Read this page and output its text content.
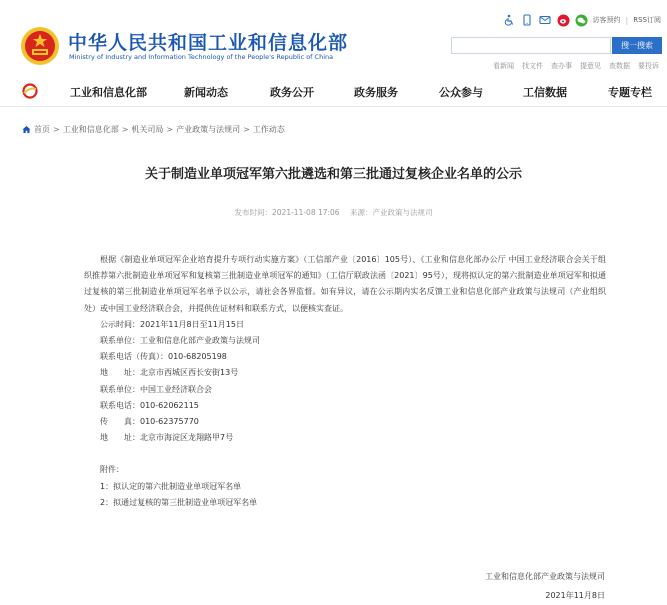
中华人民共和国工业和信息化部
Ministry of Industry and Information Technology of the People's Republic of China
访客预约 | RSS订阅
搜一搜索
看新闻 找文件 查办事 提意见 查数据 要投诉
工业和信息化部	新闻动态	政务公开	政务服务	公众参与	工信数据	专题专栏
首页 > 工业和信息化部 > 机关司局 > 产业政策与法规司 > 工作动态
关于制造业单项冠军第六批遴选和第三批通过复核企业名单的公示
发布时间：2021-11-08 17:06 来源：产业政策与法规司
根据《制造业单项冠军企业培育提升专项行动实施方案》（工信部产业〔2016〕105号）、《工业和信息化部办公厅 中国工业经济联合会关于组织推荐第六批制造业单项冠军和复核第三批制造业单项冠军的通知》（工信厅联政法函〔2021〕95号），现将拟认定的第六批制造业单项冠军和拟通过复核的第三批制造业单项冠军名单予以公示，请社会各界监督。如有异议，请在公示期内实名反馈工业和信息化部产业政策与法规司（产业组织处）或中国工业经济联合会，并提供佐证材料和联系方式，以便核实查证。
公示时间：2021年11月8日至11月15日
联系单位：工业和信息化部产业政策与法规司
联系电话（传真）：010-68205198
地　　址：北京市西城区西长安街13号
联系单位：中国工业经济联合会
联系电话：010-62062115
传　　真：010-62375770
地　　址：北京市海淀区龙翔路甲7号
附件：
1：拟认定的第六批制造业单项冠军名单
2：拟通过复核的第三批制造业单项冠军名单
工业和信息化部产业政策与法规司
2021年11月8日
